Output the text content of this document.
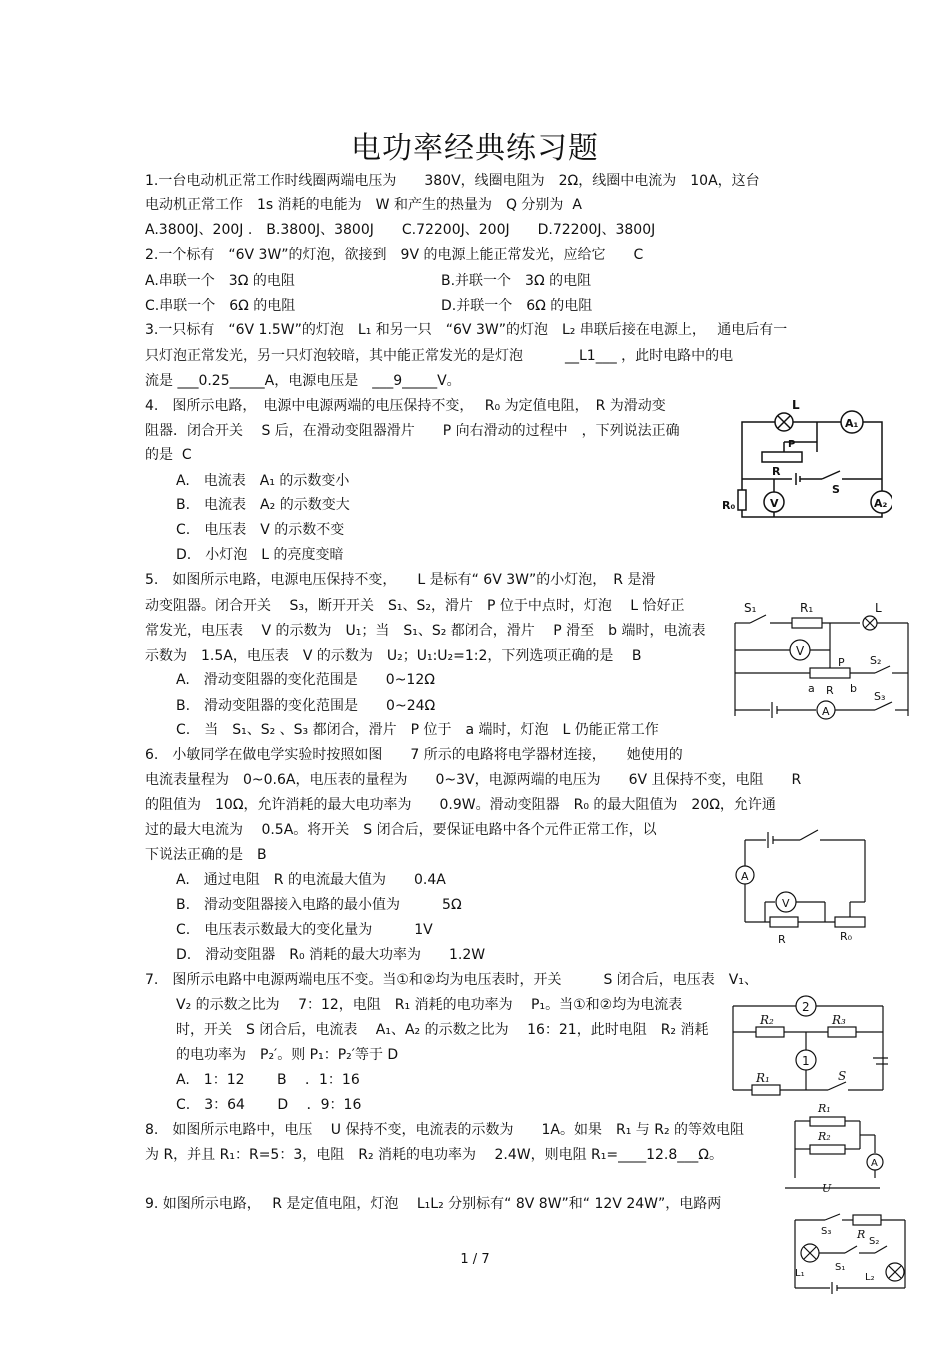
电功率经典练习题
1.一台电动机正常工作时线圈两端电压为　　380V，线圈电阻为　2Ω，线圈中电流为　10A，这台
电动机正常工作　1s 消耗的电能为　W 和产生的热量为　Q 分别为  A
A.3800J、200J .　B.3800J、3800J　　C.72200J、200J　　D.72200J、3800J
2.一个标有　“6V 3W”的灯泡，欲接到　9V 的电源上能正常发光，应给它　　C
A.串联一个　3Ω 的电阻	B.并联一个　3Ω 的电阻
C.串联一个　6Ω 的电阻	D.并联一个　6Ω 的电阻
3.一只标有　“6V 1.5W”的灯泡　L₁ 和另一只　“6V 3W”的灯泡　L₂ 串联后接在电源上，　 通电后有一
只灯泡正常发光，另一只灯泡较暗，其中能正常发光的是灯泡　　　__L1___ ，此时电路中的电
流是 ___0.25_____A，电源电压是　___9_____V。
4.　图所示电路，　电源中电源两端的电压保持不变，　 R₀ 为定值电阻，　R 为滑动变
阻器．闭合开关　 S 后，在滑动变阻器滑片　　P 向右滑动的过程中　，下列说法正确
的是  C
A.　电流表　A₁ 的示数变小
B.　电流表　A₂ 的示数变大
C.　电压表　V 的示数不变
D.　小灯泡　L 的亮度变暗
5.　如图所示电路，电源电压保持不变，　　L 是标有“ 6V 3W”的小灯泡，　R 是滑
动变阻器。闭合开关　 S₃，断开开关　S₁、S₂，滑片　P 位于中点时，灯泡　 L 恰好正
常发光，电压表　 V 的示数为　U₁；当　S₁、S₂ 都闭合，滑片　 P 滑至　b 端时，电流表
示数为　1.5A，电压表　V 的示数为　U₂；U₁:U₂=1:2，下列选项正确的是　 B
A.　滑动变阻器的变化范围是　　0~12Ω
B.　滑动变阻器的变化范围是　　0~24Ω
C.　当　S₁、S₂ 、S₃ 都闭合，滑片　P 位于　a 端时，灯泡　L 仍能正常工作
6.　小敏同学在做电学实验时按照如图　　7 所示的电路将电学器材连接，　　她使用的
电流表量程为　0~0.6A，电压表的量程为　　0~3V，电源两端的电压为　　6V 且保持不变，电阻　　R
的阻值为　10Ω，允许消耗的最大电功率为　　0.9W。滑动变阻器　R₀ 的最大阻值为　20Ω，允许通
过的最大电流为　 0.5A。将开关　S 闭合后，要保证电路中各个元件正常工作，以
下说法正确的是　B
A.　通过电阻　R 的电流最大值为　　0.4A
B.　滑动变阻器接入电路的最小值为　　　5Ω
C.　电压表示数最大的变化量为　　　1V
D.　滑动变阻器　R₀ 消耗的最大功率为　　1.2W
7.　图所示电路中电源两端电压不变。当①和②均为电压表时，开关　　　S 闭合后，电压表　V₁、
V₂ 的示数之比为　 7：12，电阻　R₁ 消耗的电功率为　 P₁。当①和②均为电流表
时，开关　S 闭合后，电流表　 A₁、A₂ 的示数之比为　 16：21，此时电阻　R₂ 消耗
的电功率为　P₂′。则 P₁：P₂′等于 D
A.　1：12　　 B　 ．1：16
C.　3：64　　 D　 ．9：16
8.　如图所示电路中，电压　 U 保持不变，电流表的示数为　　1A。如果　R₁ 与 R₂ 的等效电阻
为 R，并且 R₁：R=5：3，电阻　R₂ 消耗的电功率为　 2.4W，则电阻 R₁=____12.8___Ω。
9. 如图所示电路，　 R 是定值电阻，灯泡　 L₁L₂ 分别标有“ 8V 8W”和“ 12V 24W”，电路两
L
A₁
R
P
S
R₀	V	A₂
S₁	R₁	L
V
P
a R b
S₂
S₃
A
A
V
R	R₀
2
R₂	R₃
1
R₁	S
R₁
R₂
A
U
S₃ R
L₁
S₁
S₂
L₂
1 / 7
